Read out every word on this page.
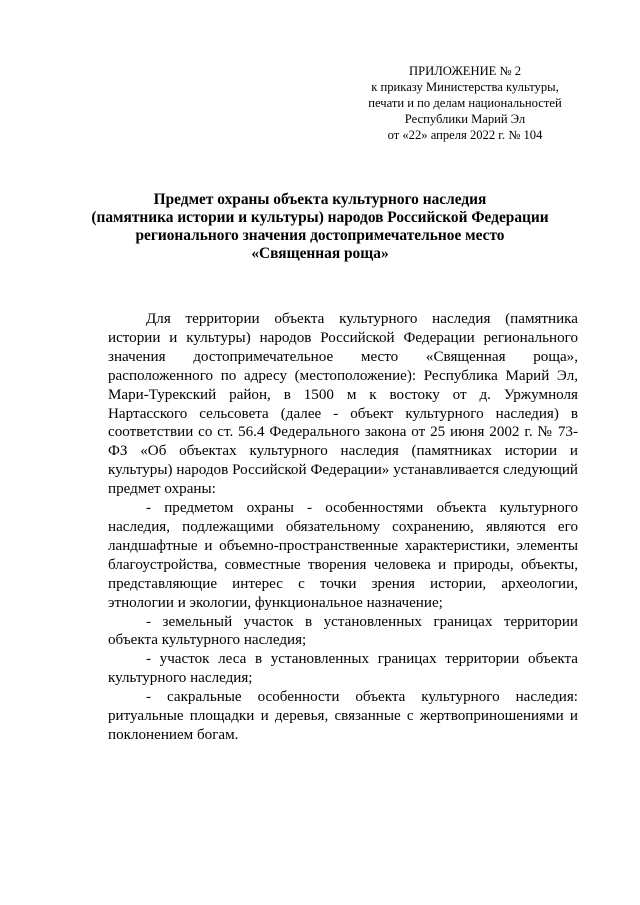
ПРИЛОЖЕНИЕ № 2
к приказу Министерства культуры,
печати и по делам национальностей
Республики Марий Эл
от «22» апреля 2022 г. № 104
Предмет охраны объекта культурного наследия
(памятника истории и культуры) народов Российской Федерации
регионального значения достопримечательное место
«Священная роща»

Для территории объекта культурного наследия (памятника истории и культуры) народов Российской Федерации регионального значения достопримечательное место «Священная роща», расположенного по адресу (местоположение): Республика Марий Эл, Мари-Турекский район, в 1500 м к востоку от д. Уржумноля Нартасского сельсовета (далее - объект культурного наследия) в соответствии со ст. 56.4 Федерального закона от 25 июня 2002 г. № 73-ФЗ «Об объектах культурного наследия (памятниках истории и культуры) народов Российской Федерации» устанавливается следующий предмет охраны:

- предметом охраны - особенностями объекта культурного наследия, подлежащими обязательному сохранению, являются его ландшафтные и объемно-пространственные характеристики, элементы благоустройства, совместные творения человека и природы, объекты, представляющие интерес с точки зрения истории, археологии, этнологии и экологии, функциональное назначение;

- земельный участок в установленных границах территории объекта культурного наследия;

- участок леса в установленных границах территории объекта культурного наследия;

- сакральные особенности объекта культурного наследия: ритуальные площадки и деревья, связанные с жертвоприношениями и поклонением богам.
